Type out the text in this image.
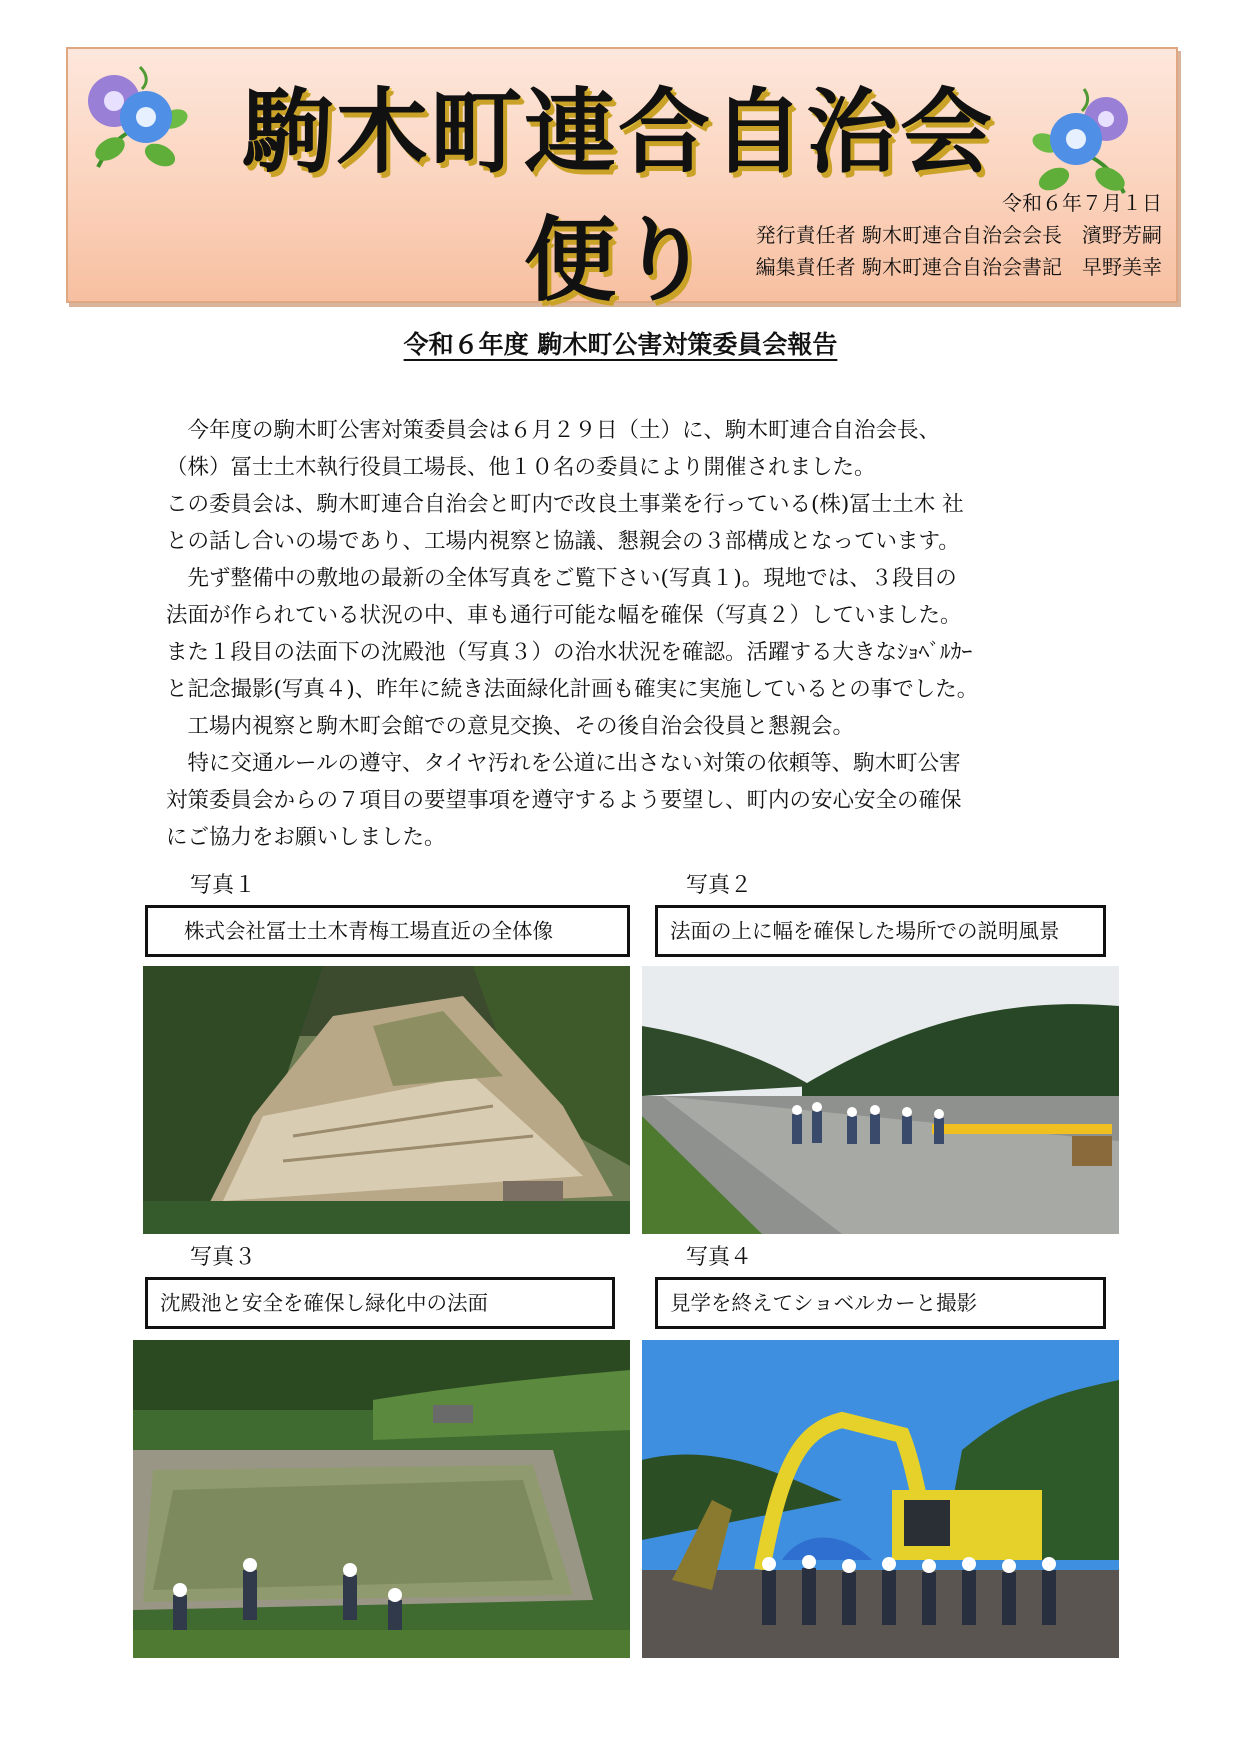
駒木町連合自治会便り
令和６年７月１日
発行責任者 駒木町連合自治会会長　濱野芳嗣
編集責任者 駒木町連合自治会書記　早野美幸
令和６年度 駒木町公害対策委員会報告

　今年度の駒木町公害対策委員会は６月２９日（土）に、駒木町連合自治会長、

（株）冨士土木執行役員工場長、他１０名の委員により開催されました。

この委員会は、駒木町連合自治会と町内で改良土事業を行っている(株)冨士土木 社

との話し合いの場であり、工場内視察と協議、懇親会の３部構成となっています。

　先ず整備中の敷地の最新の全体写真をご覧下さい(写真１)。現地では、３段目の

法面が作られている状況の中、車も通行可能な幅を確保（写真２）していました。

また１段目の法面下の沈殿池（写真３）の治水状況を確認。活躍する大きなｼｮﾍﾞﾙｶｰ

と記念撮影(写真４)、昨年に続き法面緑化計画も確実に実施しているとの事でした。

　工場内視察と駒木町会館での意見交換、その後自治会役員と懇親会。

　特に交通ルールの遵守、タイヤ汚れを公道に出さない対策の依頼等、駒木町公害

対策委員会からの７項目の要望事項を遵守するよう要望し、町内の安心安全の確保

にご協力をお願いしました。

写真１
株式会社冨士土木青梅工場直近の全体像
写真２
法面の上に幅を確保した場所での説明風景
写真３
沈殿池と安全を確保し緑化中の法面
写真４
見学を終えてショベルカーと撮影
